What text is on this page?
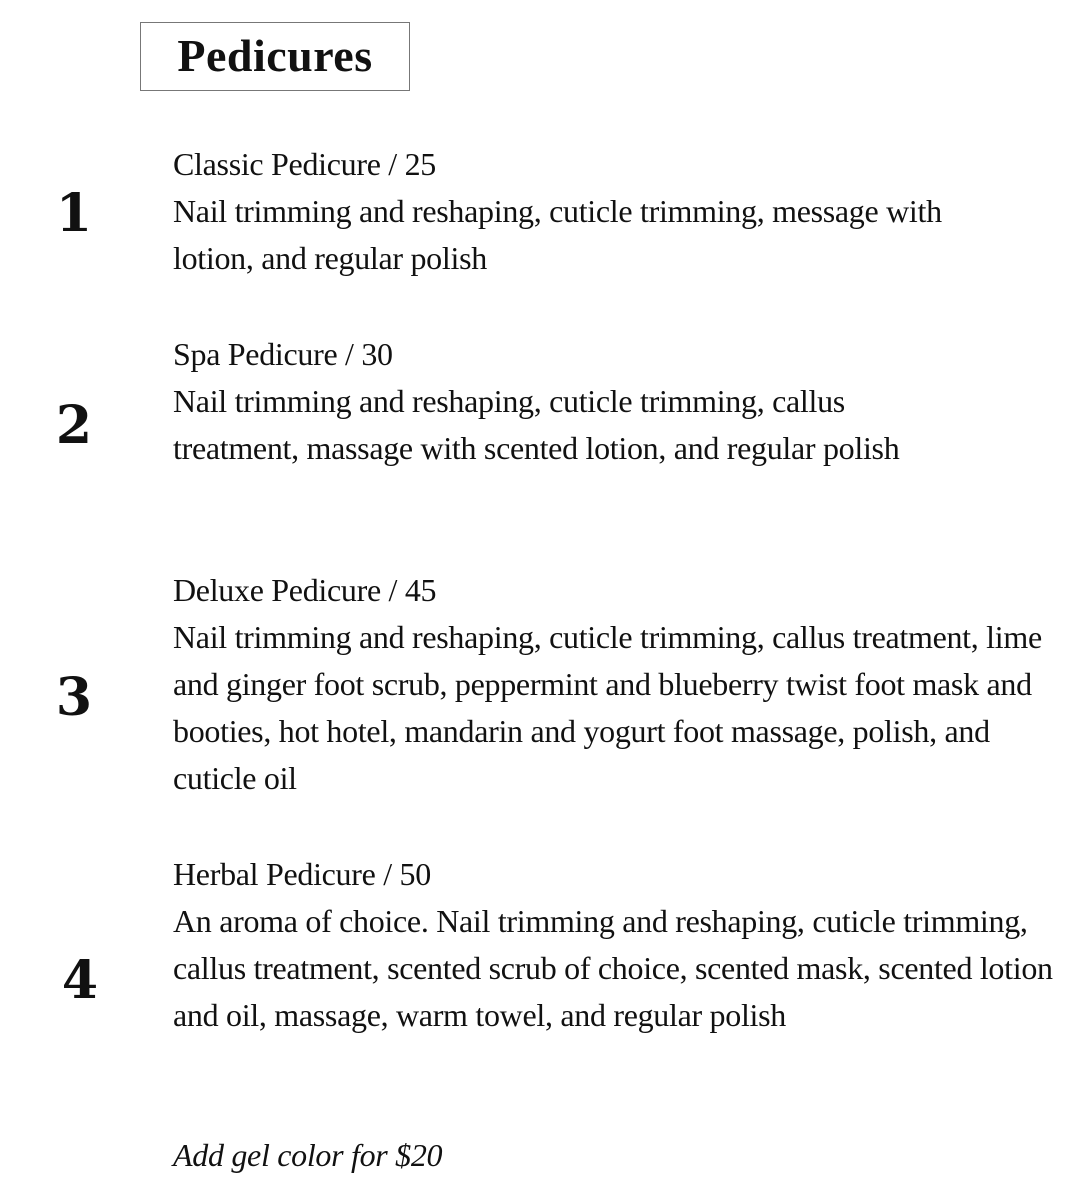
Pedicures
1
Classic Pedicure / 25
Nail trimming and reshaping, cuticle trimming, message with lotion, and regular polish
2
Spa Pedicure / 30
Nail trimming and reshaping, cuticle trimming, callus treatment, massage with scented lotion, and regular polish
3
Deluxe Pedicure / 45
Nail trimming and reshaping, cuticle trimming, callus treatment, lime and ginger foot scrub, peppermint and blueberry twist foot mask and booties, hot hotel, mandarin and yogurt foot massage, polish, and cuticle oil
4
Herbal Pedicure / 50
An aroma of choice. Nail trimming and reshaping, cuticle trimming, callus treatment, scented scrub of choice, scented mask, scented lotion and oil, massage, warm towel, and regular polish
Add gel color for $20
